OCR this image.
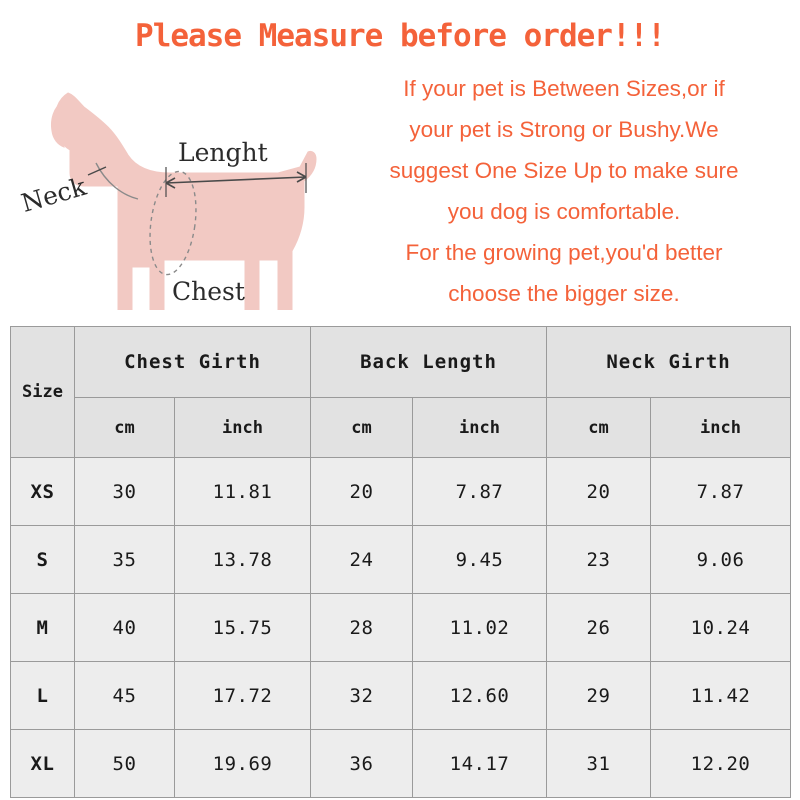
Please Measure before order!!!
Lenght
Neck
Chest
If your pet is Between Sizes,or if
your pet is Strong or Bushy.We
suggest One Size Up to make sure
you dog is comfortable.
For the growing pet,you'd better
choose the bigger size.
Size	Chest Girth		Back Length		Neck Girth	
	cm	inch	cm	inch	cm	inch
XS	30	11.81	20	7.87	20	7.87
S	35	13.78	24	9.45	23	9.06
M	40	15.75	28	11.02	26	10.24
L	45	17.72	32	12.60	29	11.42
XL	50	19.69	36	14.17	31	12.20
